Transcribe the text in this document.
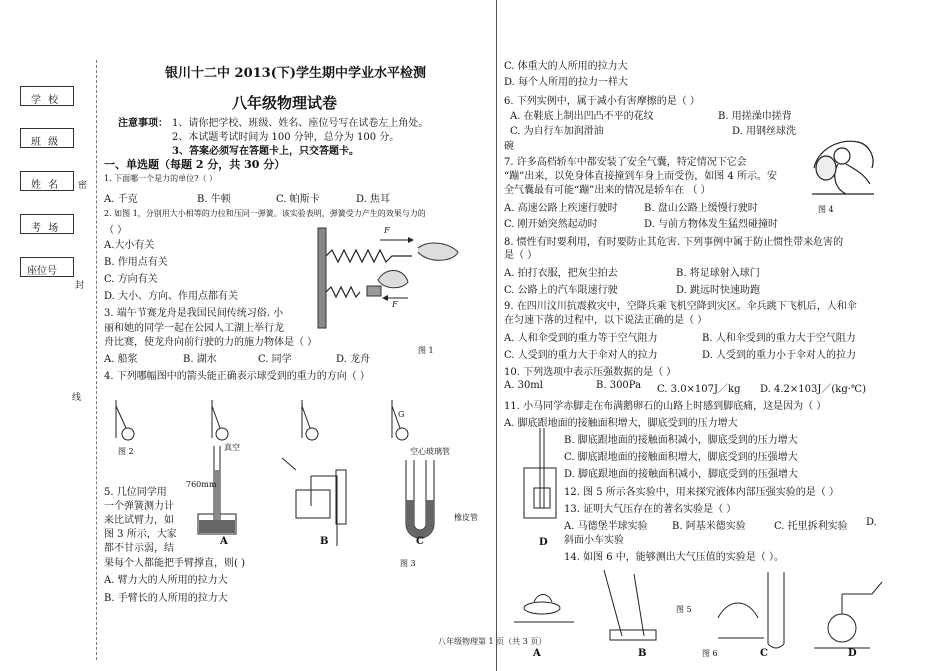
学 校
班 级
姓 名
考 场
座位号
密
封
线
银川十二中 2013(下)学生期中学业水平检测
八年级物理试卷
注意事项： 1、请你把学校、班级、姓名、座位号写在试卷左上角处。
2、本试题考试时间为 100 分钟，总分为 100 分。
3、答案必须写在答题卡上，只交答题卡。
一、单选题（每题 2 分，共 30 分）
1. 下面哪一个是力的单位?（ ）
A. 千克	B. 牛顿	C. 帕斯卡	D. 焦耳
2. 如图 1，分别用大小相等的力拉和压同一弹簧。该实验表明，弹簧受力产生的效果与力的
（ ）
A.大小有关
B. 作用点有关
C. 方向有关
D. 大小、方向、作用点都有关
F
F
图 1
3. 端午节赛龙舟是我国民间传统习俗. 小
丽和她的同学一起在公园人工湖上举行龙
舟比赛，使龙舟向前行驶的力的施力物体是（ ）
A. 船浆	B. 湖水	C. 同学	D. 龙舟
4. 下列哪幅图中的箭头能正确表示球受到的重力的方向（ ）
G
图 2
5. 几位同学用
一个弹簧测力计
来比试臂力，如
图 3 所示，大家
都不甘示弱，结
果每个人都能把手臂撑直，则( )
A. 臂力大的人所用的拉力大
B. 手臂长的人所用的拉力大
真空
760mm
空心玻璃管
橡皮管
A	B	C
图 3
C. 体重大的人所用的拉力大
D. 每个人所用的拉力一样大
6. 下列实例中，属于减小有害摩擦的是（ ）
A. 在鞋底上制出凹凸不平的花纹	B. 用搓澡巾搓背
C. 为自行车加润滑油	D. 用钢丝球洗
碗
图 4
7. 许多高档轿车中都安装了安全气囊，特定情况下它会
“蹦”出来，以免身体直接撞到车身上而受伤，如图 4 所示。安
全气囊最有可能“蹦”出来的情况是轿车在 （ ）
A. 高速公路上疾速行驶时	B. 盘山公路上缓慢行驶时
C. 刚开始突然起动时	D. 与前方物体发生猛烈碰撞时
8. 惯性有时要利用，有时要防止其危害. 下列事例中属于防止惯性带来危害的
是（ ）
A. 拍打衣服，把灰尘拍去	B. 将足球射入球门
C. 公路上的汽车限速行驶	D. 跳远时快速助跑
9. 在四川汶川抗震救灾中，空降兵乘飞机空降到灾区。伞兵跳下飞机后，人和伞
在匀速下落的过程中，以下说法正确的是（ ）
A. 人和伞受到的重力等于空气阻力	B. 人和伞受到的重力大于空气阻力
C. 人受到的重力大于伞对人的拉力	D. 人受到的重力小于伞对人的拉力
10. 下列选项中表示压强数据的是（ ）
A. 30ml	B. 300Pa C. 3.0×107J／kg D. 4.2×103J／(kg·℃)
11. 小马同学赤脚走在布满鹅卵石的山路上时感到脚底痛，这是因为（ ）
A. 脚底跟地面的接触面积增大，脚底受到的压力增大
B. 脚底跟地面的接触面积减小，脚底受到的压力增大
C. 脚底跟地面的接触面积增大，脚底受到的压强增大
D. 脚底跟地面的接触面积减小，脚底受到的压强增大
D
12. 图 5 所示各实验中，用来探究液体内部压强实验的是（ ）
13. 证明大气压存在的著名实验是（ ）
A. 马德堡半球实验 B. 阿基米德实验	C. 托里拆利实验 D.
斜面小车实验
14. 如图 6 中，能够测出大气压值的实验是（ ）。
图 5
图 6
A	B	C	D
八年级物理第 1 页（共 3 页）
